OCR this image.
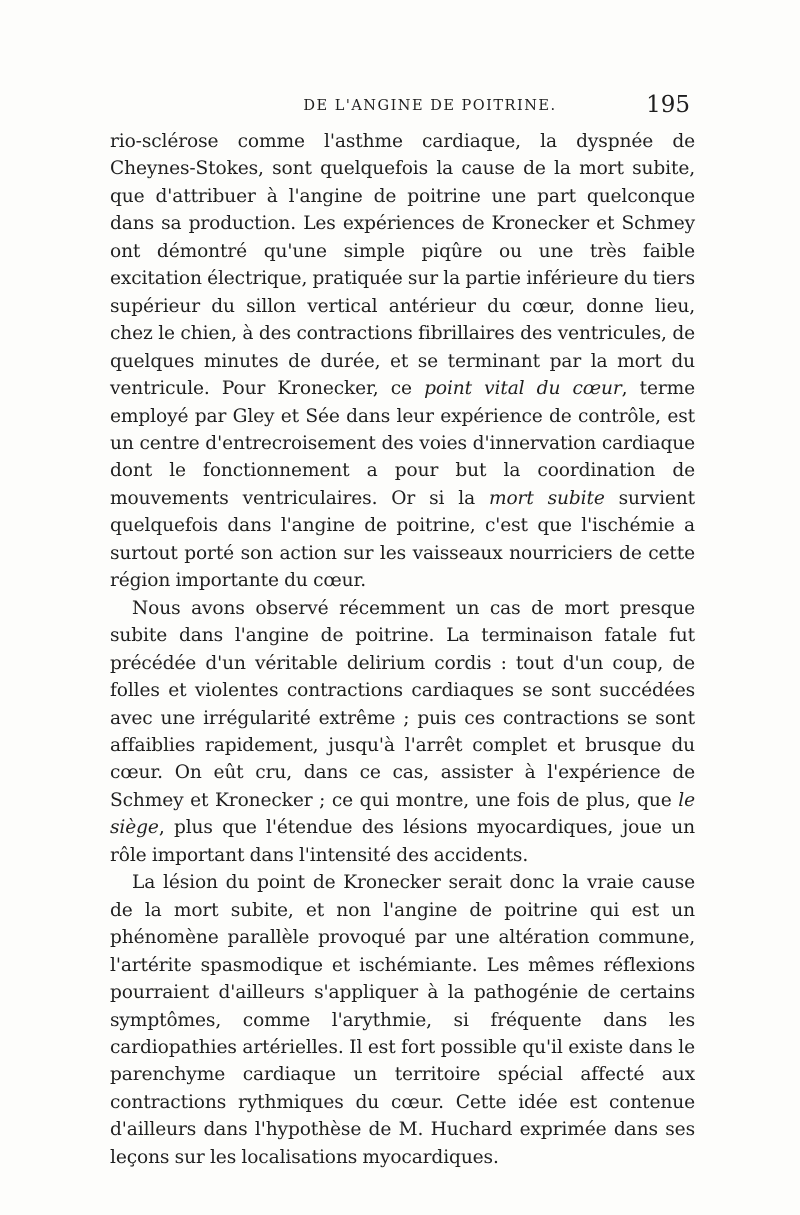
DE L'ANGINE DE POITRINE.	195

rio-sclérose comme l'asthme cardiaque, la dyspnée de Cheynes-Stokes, sont quelquefois la cause de la mort subite, que d'attribuer à l'angine de poitrine une part quelconque dans sa production. Les expériences de Kronecker et Schmey ont démontré qu'une simple piqûre ou une très faible excitation électrique, pratiquée sur la partie inférieure du tiers supérieur du sillon vertical antérieur du cœur, donne lieu, chez le chien, à des contractions fibrillaires des ventricules, de quelques minutes de durée, et se terminant par la mort du ventricule. Pour Kronecker, ce point vital du cœur, terme employé par Gley et Sée dans leur expérience de contrôle, est un centre d'entrecroisement des voies d'innervation cardiaque dont le fonctionnement a pour but la coordination de mouvements ventriculaires. Or si la mort subite survient quelquefois dans l'angine de poitrine, c'est que l'ischémie a surtout porté son action sur les vaisseaux nourriciers de cette région importante du cœur.

Nous avons observé récemment un cas de mort presque subite dans l'angine de poitrine. La terminaison fatale fut précédée d'un véritable delirium cordis : tout d'un coup, de folles et violentes contractions cardiaques se sont succédées avec une irrégularité extrême ; puis ces contractions se sont affaiblies rapidement, jusqu'à l'arrêt complet et brusque du cœur. On eût cru, dans ce cas, assister à l'expérience de Schmey et Kronecker ; ce qui montre, une fois de plus, que le siège, plus que l'étendue des lésions myocardiques, joue un rôle important dans l'intensité des accidents.

La lésion du point de Kronecker serait donc la vraie cause de la mort subite, et non l'angine de poitrine qui est un phénomène parallèle provoqué par une altération commune, l'artérite spasmodique et ischémiante. Les mêmes réflexions pourraient d'ailleurs s'appliquer à la pathogénie de certains symptômes, comme l'arythmie, si fréquente dans les cardiopathies artérielles. Il est fort possible qu'il existe dans le parenchyme cardiaque un territoire spécial affecté aux contractions rythmiques du cœur. Cette idée est contenue d'ailleurs dans l'hypothèse de M. Huchard exprimée dans ses leçons sur les localisations myocardiques.
